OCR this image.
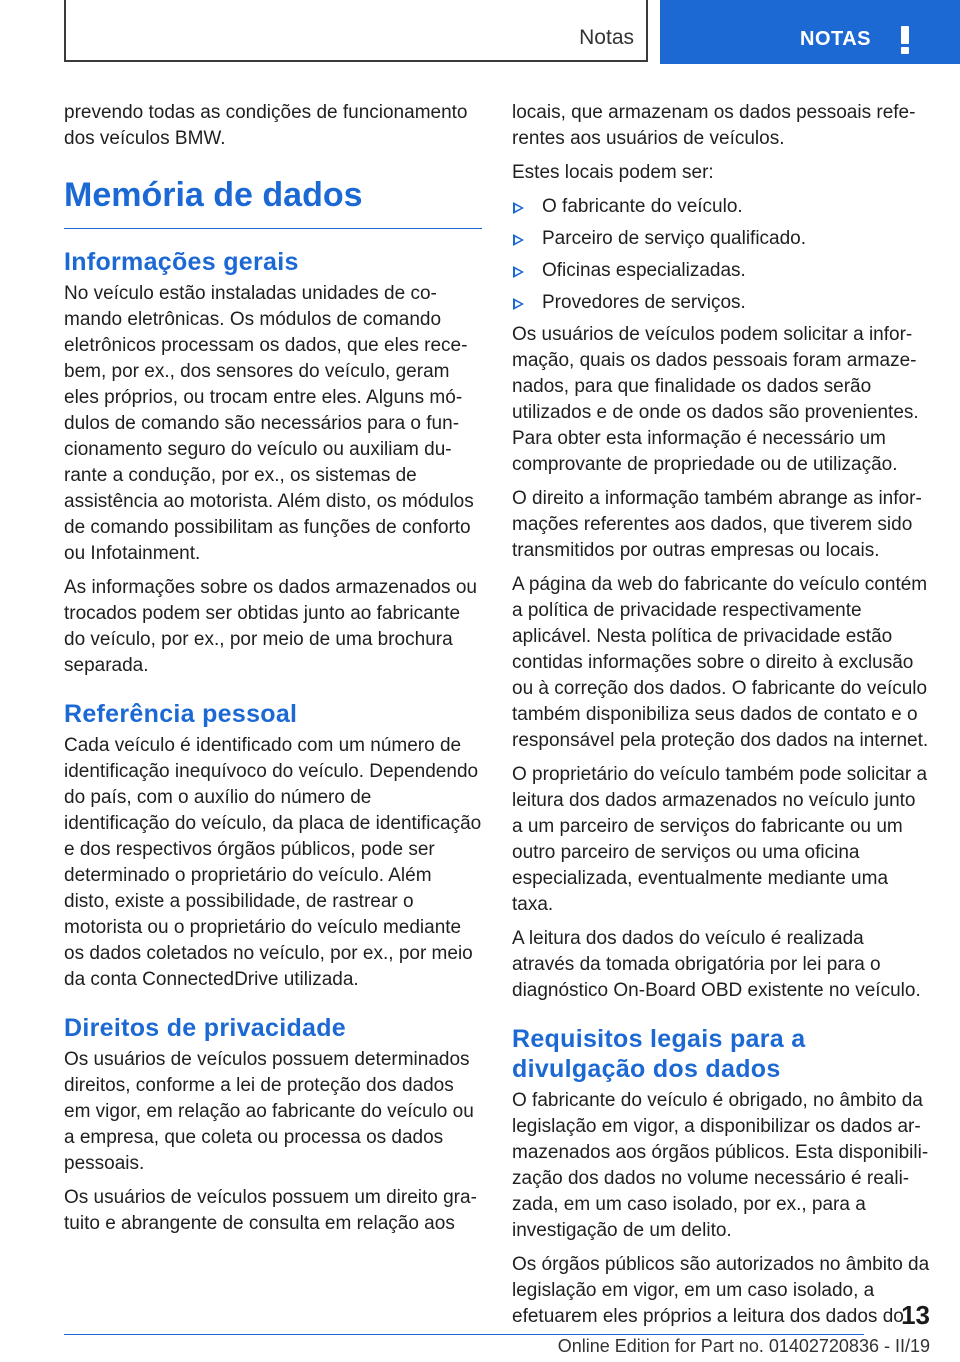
Notas	NOTAS

prevendo todas as condições de funcionamento dos veículos BMW.

Memória de dados
Informações gerais

No veículo estão instaladas unidades de comando eletrônicas. Os módulos de comando eletrônicos processam os dados, que eles recebem, por ex., dos sensores do veículo, geram eles próprios, ou trocam entre eles. Alguns módulos de comando são necessários para o funcionamento seguro do veículo ou auxiliam durante a condução, por ex., os sistemas de assistência ao motorista. Além disto, os módulos de comando possibilitam as funções de conforto ou Infotainment.

As informações sobre os dados armazenados ou trocados podem ser obtidas junto ao fabricante do veículo, por ex., por meio de uma brochura separada.

Referência pessoal

Cada veículo é identificado com um número de identificação inequívoco do veículo. Dependendo do país, com o auxílio do número de identificação do veículo, da placa de identificação e dos respectivos órgãos públicos, pode ser determinado o proprietário do veículo. Além disto, existe a possibilidade, de rastrear o motorista ou o proprietário do veículo mediante os dados coletados no veículo, por ex., por meio da conta ConnectedDrive utilizada.

Direitos de privacidade

Os usuários de veículos possuem determinados direitos, conforme a lei de proteção dos dados em vigor, em relação ao fabricante do veículo ou a empresa, que coleta ou processa os dados pessoais.

Os usuários de veículos possuem um direito gratuito e abrangente de consulta em relação aos

locais, que armazenam os dados pessoais referentes aos usuários de veículos.

Estes locais podem ser:

O fabricante do veículo.
Parceiro de serviço qualificado.
Oficinas especializadas.
Provedores de serviços.

Os usuários de veículos podem solicitar a informação, quais os dados pessoais foram armazenados, para que finalidade os dados serão utilizados e de onde os dados são provenientes. Para obter esta informação é necessário um comprovante de propriedade ou de utilização.

O direito a informação também abrange as informações referentes aos dados, que tiverem sido transmitidos por outras empresas ou locais.

A página da web do fabricante do veículo contém a política de privacidade respectivamente aplicável. Nesta política de privacidade estão contidas informações sobre o direito à exclusão ou à correção dos dados. O fabricante do veículo também disponibiliza seus dados de contato e o responsável pela proteção dos dados na internet.

O proprietário do veículo também pode solicitar a leitura dos dados armazenados no veículo junto a um parceiro de serviços do fabricante ou um outro parceiro de serviços ou uma oficina especializada, eventualmente mediante uma taxa.

A leitura dos dados do veículo é realizada através da tomada obrigatória por lei para o diagnóstico On-Board OBD existente no veículo.

Requisitos legais para a divulgação dos dados

O fabricante do veículo é obrigado, no âmbito da legislação em vigor, a disponibilizar os dados armazenados aos órgãos públicos. Esta disponibilização dos dados no volume necessário é realizada, em um caso isolado, por ex., para a investigação de um delito.

Os órgãos públicos são autorizados no âmbito da legislação em vigor, em um caso isolado, a efetuarem eles próprios a leitura dos dados do

13
Online Edition for Part no. 01402720836 - II/19
